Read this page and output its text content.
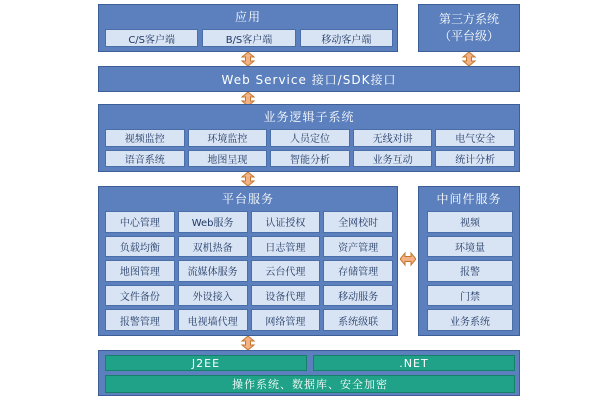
应用
C/S客户端	B/S客户端	移动客户端
第三方系统
（平台级）
Web Service 接口/SDK接口
业务逻辑子系统
视频监控	环境监控	人员定位	无线对讲	电气安全
语音系统	地图呈现	智能分析	业务互动	统计分析
平台服务
中心管理	Web服务	认证授权	全网校时
负载均衡	双机热备	日志管理	资产管理
地图管理	流媒体服务	云台代理	存储管理
文件备份	外设接入	设备代理	移动服务
报警管理	电视墙代理	网络管理	系统级联
中间件服务
视频
环境量
报警
门禁
业务系统
J2EE	.NET
操作系统、数据库、安全加密
